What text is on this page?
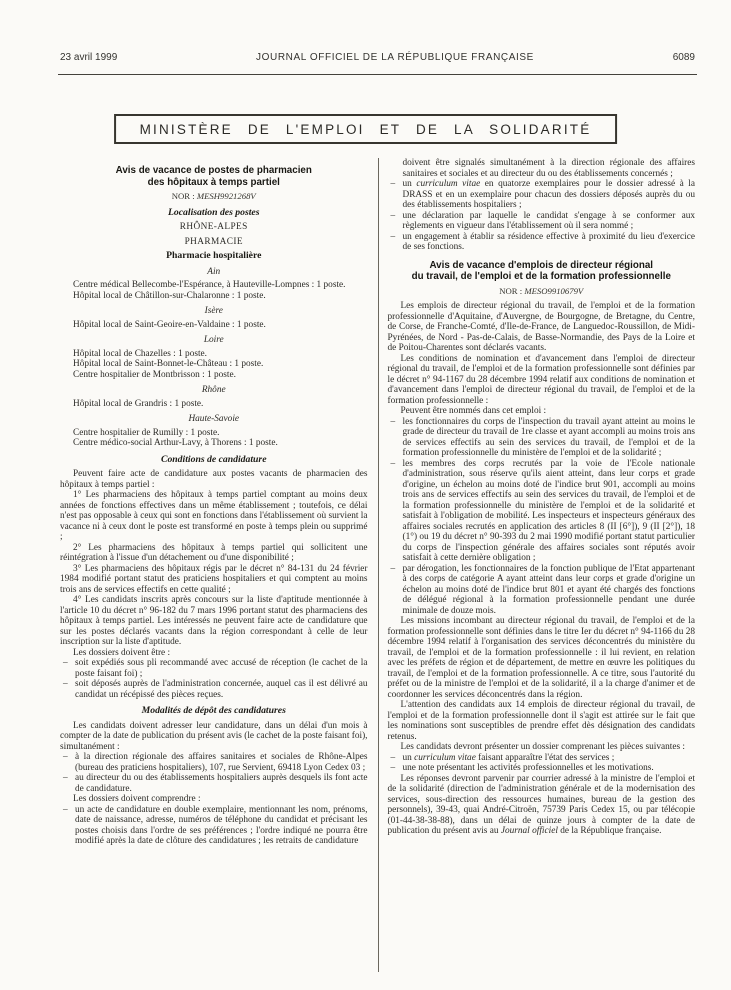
23 avril 1999	JOURNAL OFFICIEL DE LA RÉPUBLIQUE FRANÇAISE	6089
MINISTÈRE DE L'EMPLOI ET DE LA SOLIDARITÉ
Avis de vacance de postes de pharmacien
des hôpitaux à temps partiel
NOR : MESH9921268V
Localisation des postes
RHÔNE-ALPES
PHARMACIE
Pharmacie hospitalière
Ain

Centre médical Bellecombe-l'Espérance, à Hauteville-Lompnes : 1 poste.

Hôpital local de Châtillon-sur-Chalaronne : 1 poste.

Isère

Hôpital local de Saint-Geoire-en-Valdaine : 1 poste.

Loire

Hôpital local de Chazelles : 1 poste.

Hôpital local de Saint-Bonnet-le-Château : 1 poste.

Centre hospitalier de Montbrisson : 1 poste.

Rhône

Hôpital local de Grandris : 1 poste.

Haute-Savoie

Centre hospitalier de Rumilly : 1 poste.

Centre médico-social Arthur-Lavy, à Thorens : 1 poste.

Conditions de candidature

Peuvent faire acte de candidature aux postes vacants de pharmacien des hôpitaux à temps partiel :

1° Les pharmaciens des hôpitaux à temps partiel comptant au moins deux années de fonctions effectives dans un même établissement ; toutefois, ce délai n'est pas opposable à ceux qui sont en fonctions dans l'établissement où survient la vacance ni à ceux dont le poste est transformé en poste à temps plein ou supprimé ;

2° Les pharmaciens des hôpitaux à temps partiel qui sollicitent une réintégration à l'issue d'un détachement ou d'une disponibilité ;

3° Les pharmaciens des hôpitaux régis par le décret n° 84-131 du 24 février 1984 modifié portant statut des praticiens hospitaliers et qui comptent au moins trois ans de services effectifs en cette qualité ;

4° Les candidats inscrits après concours sur la liste d'aptitude mentionnée à l'article 10 du décret n° 96-182 du 7 mars 1996 portant statut des pharmaciens des hôpitaux à temps partiel. Les intéressés ne peuvent faire acte de candidature que sur les postes déclarés vacants dans la région correspondant à celle de leur inscription sur la liste d'aptitude.

Les dossiers doivent être :

– soit expédiés sous pli recommandé avec accusé de réception (le cachet de la poste faisant foi) ;
– soit déposés auprès de l'administration concernée, auquel cas il est délivré au candidat un récépissé des pièces reçues.
Modalités de dépôt des candidatures

Les candidats doivent adresser leur candidature, dans un délai d'un mois à compter de la date de publication du présent avis (le cachet de la poste faisant foi), simultanément :

– à la direction régionale des affaires sanitaires et sociales de Rhône-Alpes (bureau des praticiens hospitaliers), 107, rue Servient, 69418 Lyon Cedex 03 ;
– au directeur du ou des établissements hospitaliers auprès desquels ils font acte de candidature.

Les dossiers doivent comprendre :

– un acte de candidature en double exemplaire, mentionnant les nom, prénoms, date de naissance, adresse, numéros de téléphone du candidat et précisant les postes choisis dans l'ordre de ses préférences ; l'ordre indiqué ne pourra être modifié après la date de clôture des candidatures ; les retraits de candidature

doivent être signalés simultanément à la direction régionale des affaires sanitaires et sociales et au directeur du ou des établissements concernés ;

– un curriculum vitae en quatorze exemplaires pour le dossier adressé à la DRASS et en un exemplaire pour chacun des dossiers déposés auprès du ou des établissements hospitaliers ;
– une déclaration par laquelle le candidat s'engage à se conformer aux règlements en vigueur dans l'établissement où il sera nommé ;
– un engagement à établir sa résidence effective à proximité du lieu d'exercice de ses fonctions.
Avis de vacance d'emplois de directeur régional
du travail, de l'emploi et de la formation professionnelle
NOR : MESO9910679V

Les emplois de directeur régional du travail, de l'emploi et de la formation professionnelle d'Aquitaine, d'Auvergne, de Bourgogne, de Bretagne, du Centre, de Corse, de Franche-Comté, d'Ile-de-France, de Languedoc-Roussillon, de Midi-Pyrénées, de Nord - Pas-de-Calais, de Basse-Normandie, des Pays de la Loire et de Poitou-Charentes sont déclarés vacants.

Les conditions de nomination et d'avancement dans l'emploi de directeur régional du travail, de l'emploi et de la formation professionnelle sont définies par le décret n° 94-1167 du 28 décembre 1994 relatif aux conditions de nomination et d'avancement dans l'emploi de directeur régional du travail, de l'emploi et de la formation professionnelle :

Peuvent être nommés dans cet emploi :

– les fonctionnaires du corps de l'inspection du travail ayant atteint au moins le grade de directeur du travail de 1re classe et ayant accompli au moins trois ans de services effectifs au sein des services du travail, de l'emploi et de la formation professionnelle du ministère de l'emploi et de la solidarité ;
– les membres des corps recrutés par la voie de l'Ecole nationale d'administration, sous réserve qu'ils aient atteint, dans leur corps et grade d'origine, un échelon au moins doté de l'indice brut 901, accompli au moins trois ans de services effectifs au sein des services du travail, de l'emploi et de la formation professionnelle du ministère de l'emploi et de la solidarité et satisfait à l'obligation de mobilité. Les inspecteurs et inspecteurs généraux des affaires sociales recrutés en application des articles 8 (II [6°]), 9 (II [2°]), 18 (1°) ou 19 du décret n° 90-393 du 2 mai 1990 modifié portant statut particulier du corps de l'inspection générale des affaires sociales sont réputés avoir satisfait à cette dernière obligation ;
– par dérogation, les fonctionnaires de la fonction publique de l'Etat appartenant à des corps de catégorie A ayant atteint dans leur corps et grade d'origine un échelon au moins doté de l'indice brut 801 et ayant été chargés des fonctions de délégué régional à la formation professionnelle pendant une durée minimale de douze mois.

Les missions incombant au directeur régional du travail, de l'emploi et de la formation professionnelle sont définies dans le titre Ier du décret n° 94-1166 du 28 décembre 1994 relatif à l'organisation des services déconcentrés du ministère du travail, de l'emploi et de la formation professionnelle : il lui revient, en relation avec les préfets de région et de département, de mettre en œuvre les politiques du travail, de l'emploi et de la formation professionnelle. A ce titre, sous l'autorité du préfet ou de la ministre de l'emploi et de la solidarité, il a la charge d'animer et de coordonner les services déconcentrés dans la région.

L'attention des candidats aux 14 emplois de directeur régional du travail, de l'emploi et de la formation professionnelle dont il s'agit est attirée sur le fait que les nominations sont susceptibles de prendre effet dès désignation des candidats retenus.

Les candidats devront présenter un dossier comprenant les pièces suivantes :

– un curriculum vitae faisant apparaître l'état des services ;
– une note présentant les activités professionnelles et les motivations.

Les réponses devront parvenir par courrier adressé à la ministre de l'emploi et de la solidarité (direction de l'administration générale et de la modernisation des services, sous-direction des ressources humaines, bureau de la gestion des personnels), 39-43, quai André-Citroën, 75739 Paris Cedex 15, ou par télécopie (01-44-38-38-88), dans un délai de quinze jours à compter de la date de publication du présent avis au Journal officiel de la République française.
